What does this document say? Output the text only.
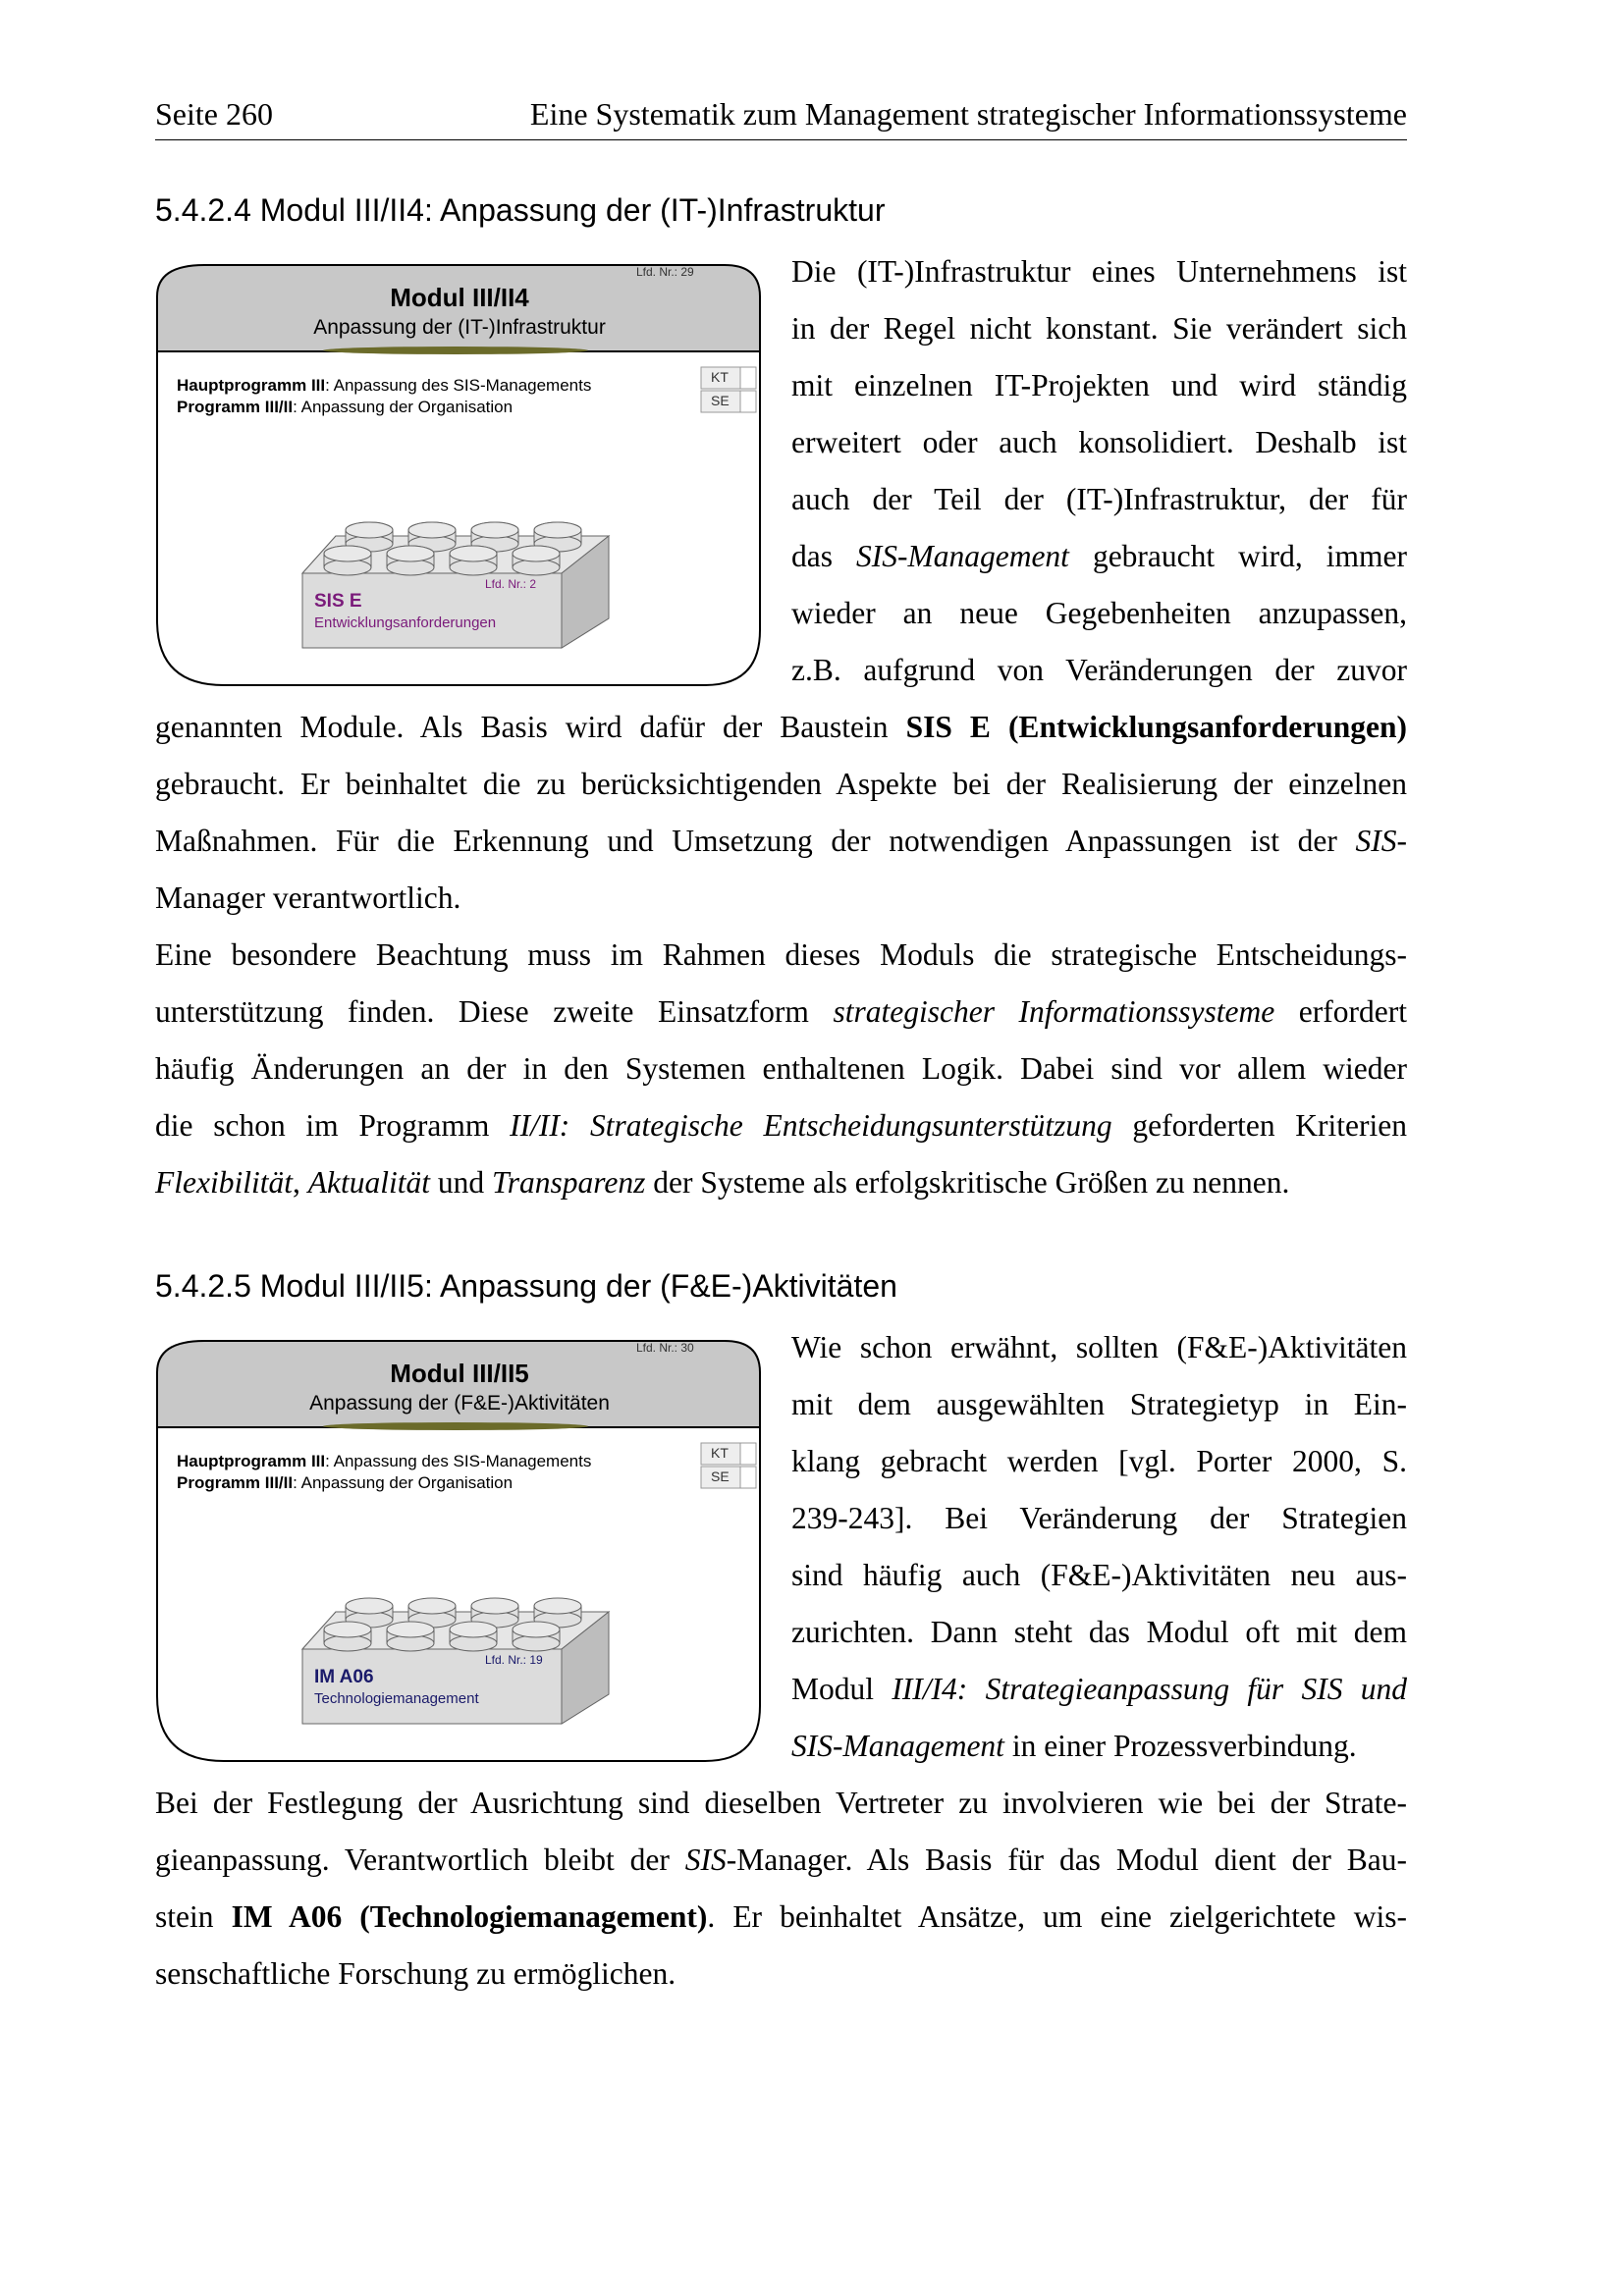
Seite 260	Eine Systematik zum Management strategischer Informationssysteme
5.4.2.4 Modul III/II4: Anpassung der (IT-)Infrastruktur
Lfd. Nr.: 29
Modul III/II4
Anpassung der (IT-)Infrastruktur
Hauptprogramm III: Anpassung des SIS-Managements
Programm III/II: Anpassung der Organisation
KT
SE
Lfd. Nr.: 2
SIS E
Entwicklungsanforderungen
Die (IT-)Infrastruktur eines Unternehmens ist
in der Regel nicht konstant. Sie verändert sich
mit einzelnen IT-Projekten und wird ständig
erweitert oder auch konsolidiert. Deshalb ist
auch der Teil der (IT-)Infrastruktur, der für
das SIS-Management gebraucht wird, immer
wieder an neue Gegebenheiten anzupassen,
z.B. aufgrund von Veränderungen der zuvor
genannten Module. Als Basis wird dafür der Baustein SIS E (Entwicklungsanforderungen)
gebraucht. Er beinhaltet die zu berücksichtigenden Aspekte bei der Realisierung der einzelnen
Maßnahmen. Für die Erkennung und Umsetzung der notwendigen Anpassungen ist der SIS-
Manager verantwortlich.
Eine besondere Beachtung muss im Rahmen dieses Moduls die strategische Entscheidungs-
unterstützung finden. Diese zweite Einsatzform strategischer Informationssysteme erfordert
häufig Änderungen an der in den Systemen enthaltenen Logik. Dabei sind vor allem wieder
die schon im Programm II/II: Strategische Entscheidungsunterstützung geforderten Kriterien
Flexibilität, Aktualität und Transparenz der Systeme als erfolgskritische Größen zu nennen.
5.4.2.5 Modul III/II5: Anpassung der (F&E-)Aktivitäten
Lfd. Nr.: 30
Modul III/II5
Anpassung der (F&E-)Aktivitäten
Hauptprogramm III: Anpassung des SIS-Managements
Programm III/II: Anpassung der Organisation
KT
SE
Lfd. Nr.: 19
IM A06
Technologiemanagement
Wie schon erwähnt, sollten (F&E-)Aktivitäten
mit dem ausgewählten Strategietyp in Ein-
klang gebracht werden [vgl. Porter 2000, S.
239-243]. Bei Veränderung der Strategien
sind häufig auch (F&E-)Aktivitäten neu aus-
zurichten. Dann steht das Modul oft mit dem
Modul III/I4: Strategieanpassung für SIS und
SIS-Management in einer Prozessverbindung.
Bei der Festlegung der Ausrichtung sind dieselben Vertreter zu involvieren wie bei der Strate-
gieanpassung. Verantwortlich bleibt der SIS-Manager. Als Basis für das Modul dient der Bau-
stein IM A06 (Technologiemanagement). Er beinhaltet Ansätze, um eine zielgerichtete wis-
senschaftliche Forschung zu ermöglichen.
